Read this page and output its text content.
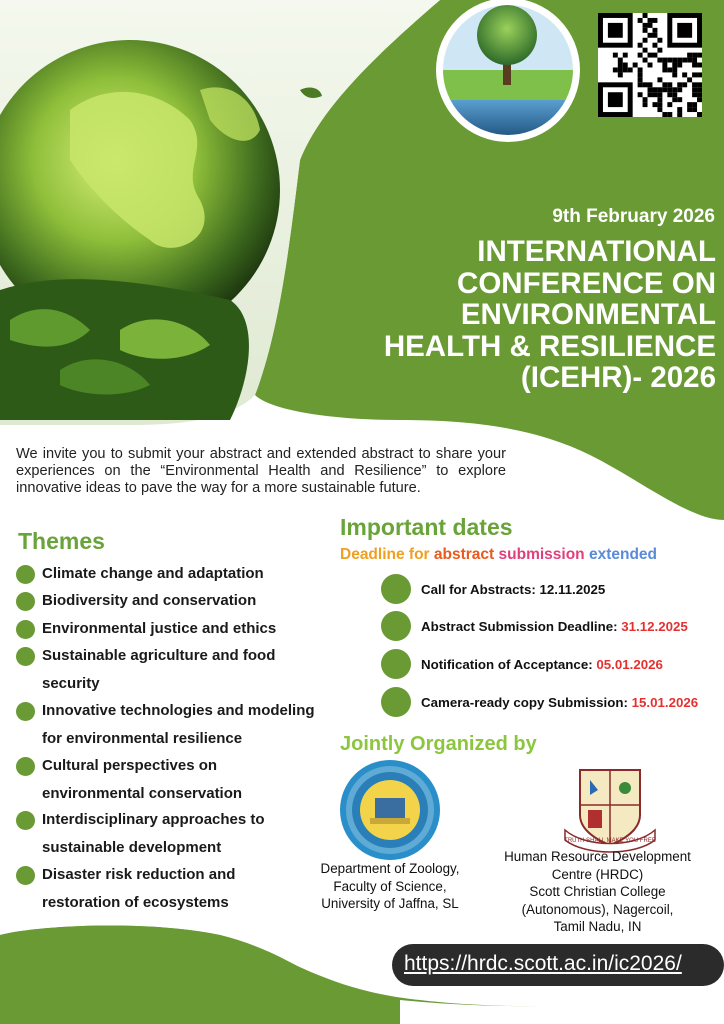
TRUTH SHALL MAKE YOU FREE
9th February 2026
INTERNATIONAL
CONFERENCE ON
ENVIRONMENTAL
HEALTH & RESILIENCE
(ICEHR)- 2026
We invite you to submit your abstract and extended abstract to share your experiences on the “Environmental Health and Resilience” to explore innovative ideas to pave the way for a more sustainable future.
Themes
Climate change and adaptation
Biodiversity and conservation
Environmental justice and ethics
Sustainable agriculture and food
security
Innovative technologies and modeling
for environmental resilience
Cultural perspectives on
environmental conservation
Interdisciplinary approaches to
sustainable development
Disaster risk reduction and
restoration of ecosystems
Important dates
Deadline for abstract submission extended
Call for Abstracts: 12.11.2025
Abstract Submission Deadline: 31.12.2025
Notification of Acceptance: 05.01.2026
Camera-ready copy Submission: 15.01.2026
Jointly Organized by
Department of Zoology,
Faculty of Science,
University of Jaffna, SL
Human Resource Development
Centre (HRDC)
Scott Christian College
(Autonomous), Nagercoil,
Tamil Nadu, IN
https://hrdc.scott.ac.in/ic2026/
